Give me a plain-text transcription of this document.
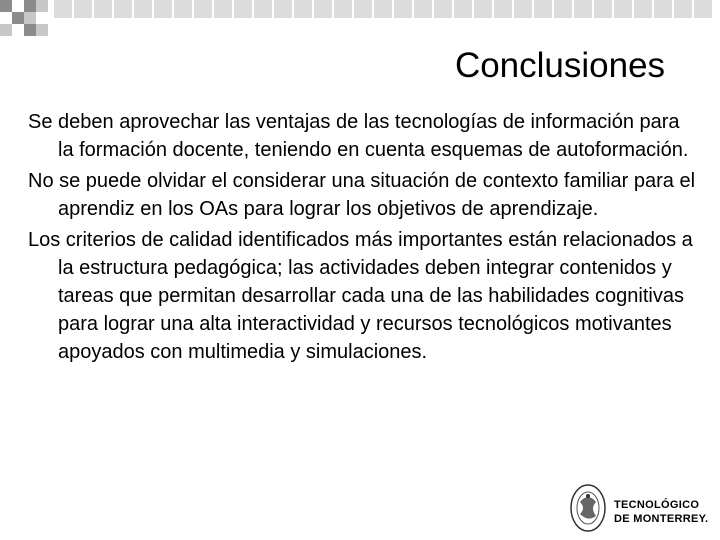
Conclusiones

Se deben aprovechar las ventajas de las tecnologías de información para la formación docente, teniendo en cuenta esquemas de autoformación.

No se puede olvidar el considerar una situación de contexto familiar para el aprendiz en los OAs para lograr los objetivos de aprendizaje.

Los criterios de calidad identificados más importantes están relacionados a la estructura pedagógica; las actividades deben integrar contenidos y tareas que permitan desarrollar cada una de las habilidades cognitivas para lograr una alta interactividad y recursos tecnológicos motivantes apoyados con multimedia y simulaciones.

TECNOLÓGICO
DE MONTERREY.
